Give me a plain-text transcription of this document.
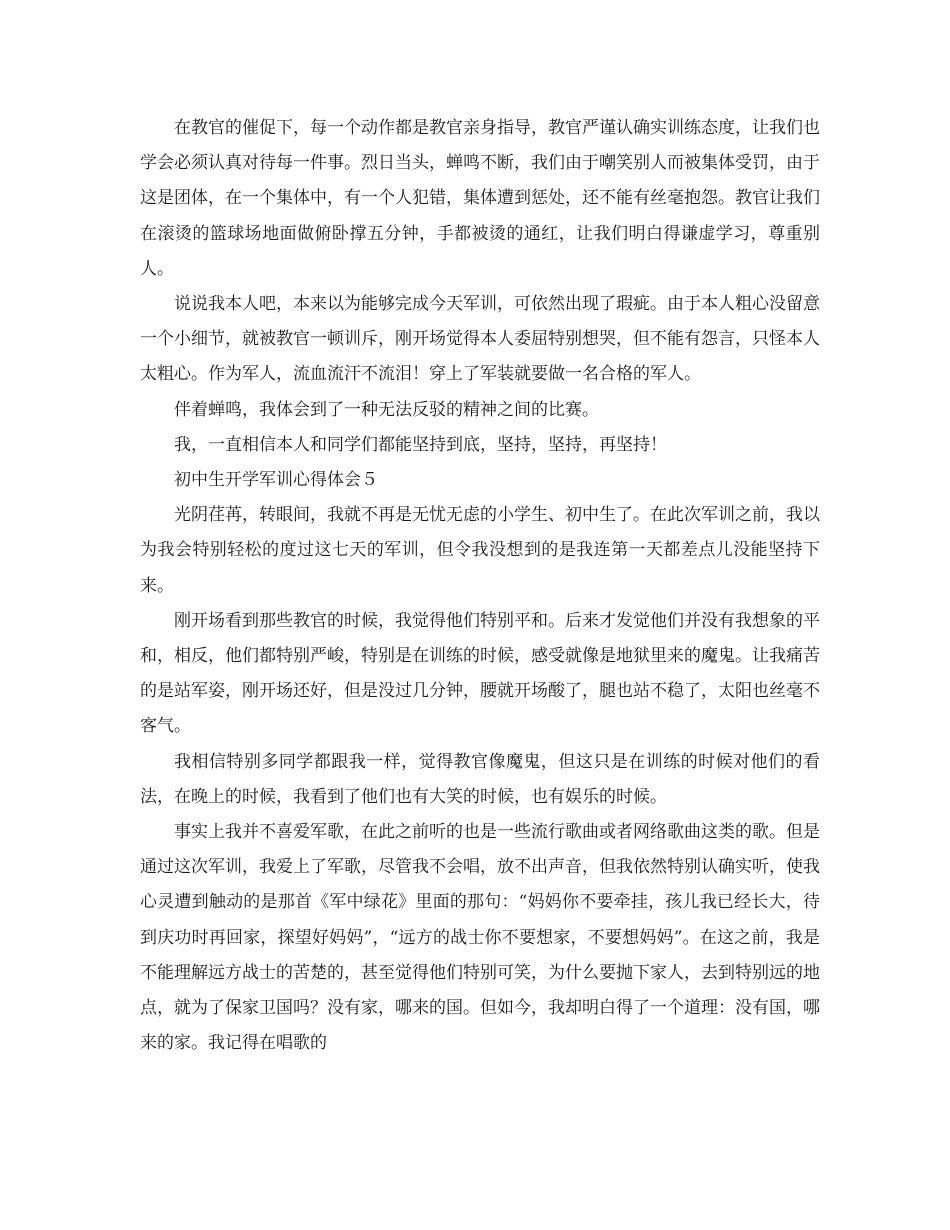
在教官的催促下，每一个动作都是教官亲身指导，教官严谨认确实训练态度，让我们也学会必须认真对待每一件事。烈日当头，蝉鸣不断，我们由于嘲笑别人而被集体受罚，由于这是团体，在一个集体中，有一个人犯错，集体遭到惩处，还不能有丝毫抱怨。教官让我们在滚烫的篮球场地面做俯卧撑五分钟，手都被烫的通红，让我们明白得谦虚学习，尊重别人。

说说我本人吧，本来以为能够完成今天军训，可依然出现了瑕疵。由于本人粗心没留意一个小细节，就被教官一顿训斥，刚开场觉得本人委屈特别想哭，但不能有怨言，只怪本人太粗心。作为军人，流血流汗不流泪！穿上了军装就要做一名合格的军人。

伴着蝉鸣，我体会到了一种无法反驳的精神之间的比赛。

我，一直相信本人和同学们都能坚持到底，坚持，坚持，再坚持！

初中生开学军训心得体会５

光阴荏苒，转眼间，我就不再是无忧无虑的小学生、初中生了。在此次军训之前，我以为我会特别轻松的度过这七天的军训，但令我没想到的是我连第一天都差点儿没能坚持下来。

刚开场看到那些教官的时候，我觉得他们特别平和。后来才发觉他们并没有我想象的平和，相反，他们都特别严峻，特别是在训练的时候，感受就像是地狱里来的魔鬼。让我痛苦的是站军姿，刚开场还好，但是没过几分钟，腰就开场酸了，腿也站不稳了，太阳也丝毫不客气。

我相信特别多同学都跟我一样，觉得教官像魔鬼，但这只是在训练的时候对他们的看法，在晚上的时候，我看到了他们也有大笑的时候，也有娱乐的时候。

事实上我并不喜爱军歌，在此之前听的也是一些流行歌曲或者网络歌曲这类的歌。但是通过这次军训，我爱上了军歌，尽管我不会唱，放不出声音，但我依然特别认确实听，使我心灵遭到触动的是那首《军中绿花》里面的那句：“妈妈你不要牵挂，孩儿我已经长大，待到庆功时再回家，探望好妈妈”，“远方的战士你不要想家，不要想妈妈”。在这之前，我是不能理解远方战士的苦楚的，甚至觉得他们特别可笑，为什么要抛下家人，去到特别远的地点，就为了保家卫国吗？没有家，哪来的国。但如今，我却明白得了一个道理：没有国，哪来的家。我记得在唱歌的
